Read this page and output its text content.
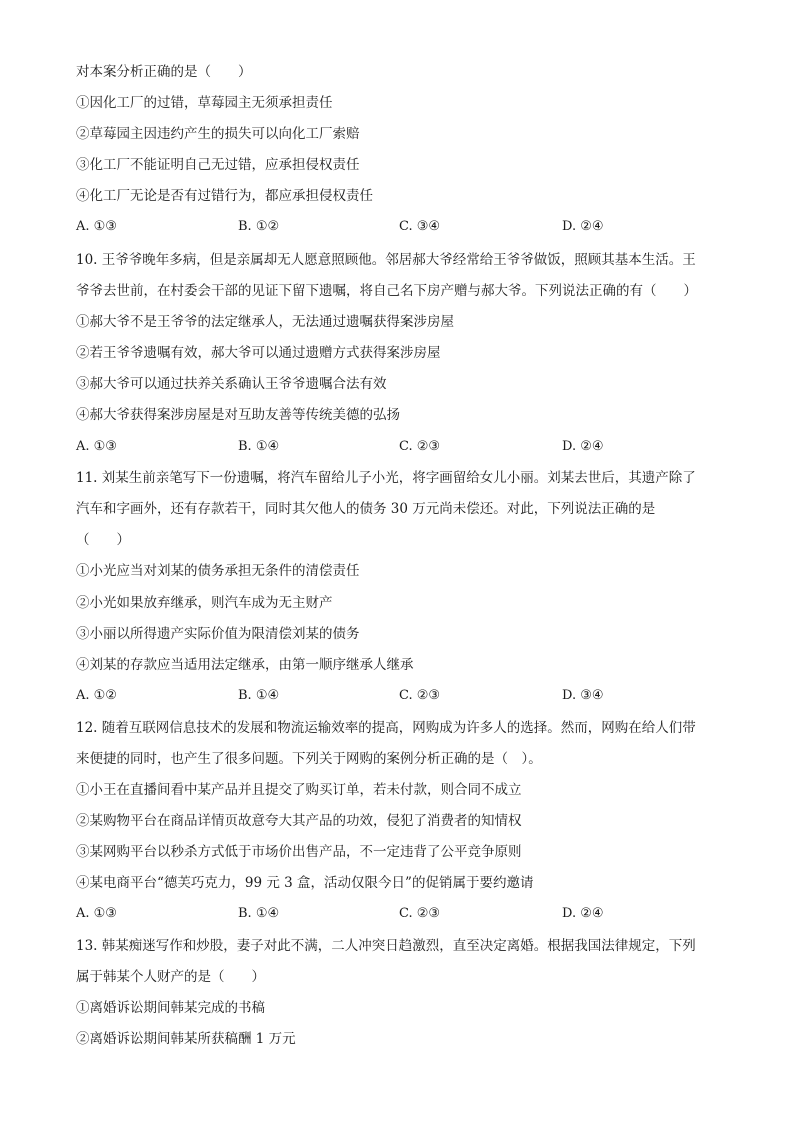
对本案分析正确的是（　　）
①因化工厂的过错，草莓园主无须承担责任
②草莓园主因违约产生的损失可以向化工厂索赔
③化工厂不能证明自己无过错，应承担侵权责任
④化工厂无论是否有过错行为，都应承担侵权责任
A. ①③	B. ①②	C. ③④	D. ②④
10. 王爷爷晚年多病，但是亲属却无人愿意照顾他。邻居郝大爷经常给王爷爷做饭，照顾其基本生活。王
爷爷去世前，在村委会干部的见证下留下遗嘱，将自己名下房产赠与郝大爷。下列说法正确的有（　　）
①郝大爷不是王爷爷的法定继承人，无法通过遗嘱获得案涉房屋
②若王爷爷遗嘱有效，郝大爷可以通过遗赠方式获得案涉房屋
③郝大爷可以通过扶养关系确认王爷爷遗嘱合法有效
④郝大爷获得案涉房屋是对互助友善等传统美德的弘扬
A. ①③	B. ①④	C. ②③	D. ②④
11. 刘某生前亲笔写下一份遗嘱，将汽车留给儿子小光，将字画留给女儿小丽。刘某去世后，其遗产除了
汽车和字画外，还有存款若干，同时其欠他人的债务 30 万元尚未偿还。对此，下列说法正确的是
（　　）
①小光应当对刘某的债务承担无条件的清偿责任
②小光如果放弃继承，则汽车成为无主财产
③小丽以所得遗产实际价值为限清偿刘某的债务
④刘某的存款应当适用法定继承，由第一顺序继承人继承
A. ①②	B. ①④	C. ②③	D. ③④
12. 随着互联网信息技术的发展和物流运输效率的提高，网购成为许多人的选择。然而，网购在给人们带
来便捷的同时，也产生了很多问题。下列关于网购的案例分析正确的是（　）。
①小王在直播间看中某产品并且提交了购买订单，若未付款，则合同不成立
②某购物平台在商品详情页故意夸大其产品的功效，侵犯了消费者的知情权
③某网购平台以秒杀方式低于市场价出售产品，不一定违背了公平竞争原则
④某电商平台“德芙巧克力，99 元 3 盒，活动仅限今日”的促销属于要约邀请
A. ①③	B. ①④	C. ②③	D. ②④
13. 韩某痴迷写作和炒股，妻子对此不满，二人冲突日趋激烈，直至决定离婚。根据我国法律规定，下列
属于韩某个人财产的是（　　）
①离婚诉讼期间韩某完成的书稿
②离婚诉讼期间韩某所获稿酬 1 万元
